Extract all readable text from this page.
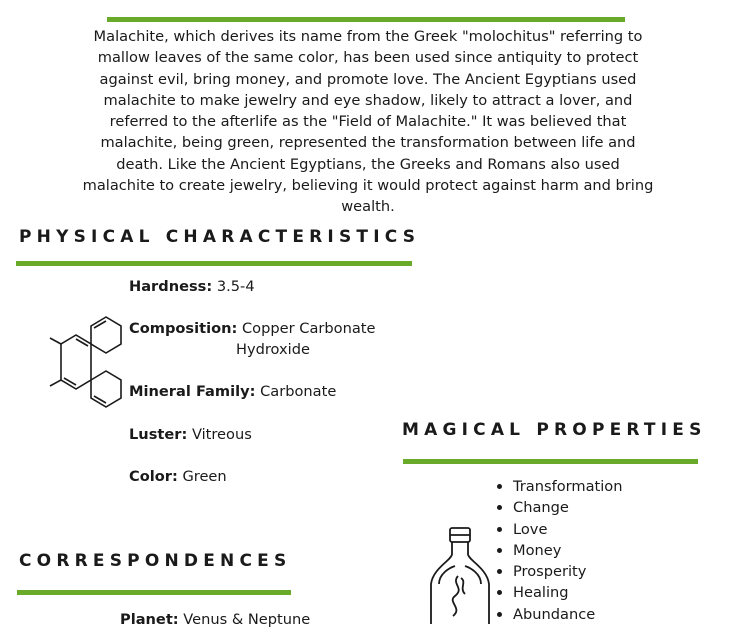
Malachite, which derives its name from the Greek "molochitus" referring to mallow leaves of the same color, has been used since antiquity to protect against evil, bring money, and promote love. The Ancient Egyptians used malachite to make jewelry and eye shadow, likely to attract a lover, and referred to the afterlife as the "Field of Malachite." It was believed that malachite, being green, represented the transformation between life and death. Like the Ancient Egyptians, the Greeks and Romans also used malachite to create jewelry, believing it would protect against harm and bring wealth.
PHYSICAL CHARACTERISTICS
Hardness: 3.5-4
Composition: Copper Carbonate
Hydroxide
Mineral Family: Carbonate
Luster: Vitreous
Color: Green
MAGICAL PROPERTIES
Transformation
Change
Love
Money
Prosperity
Healing
Abundance
CORRESPONDENCES
Planet: Venus & Neptune
